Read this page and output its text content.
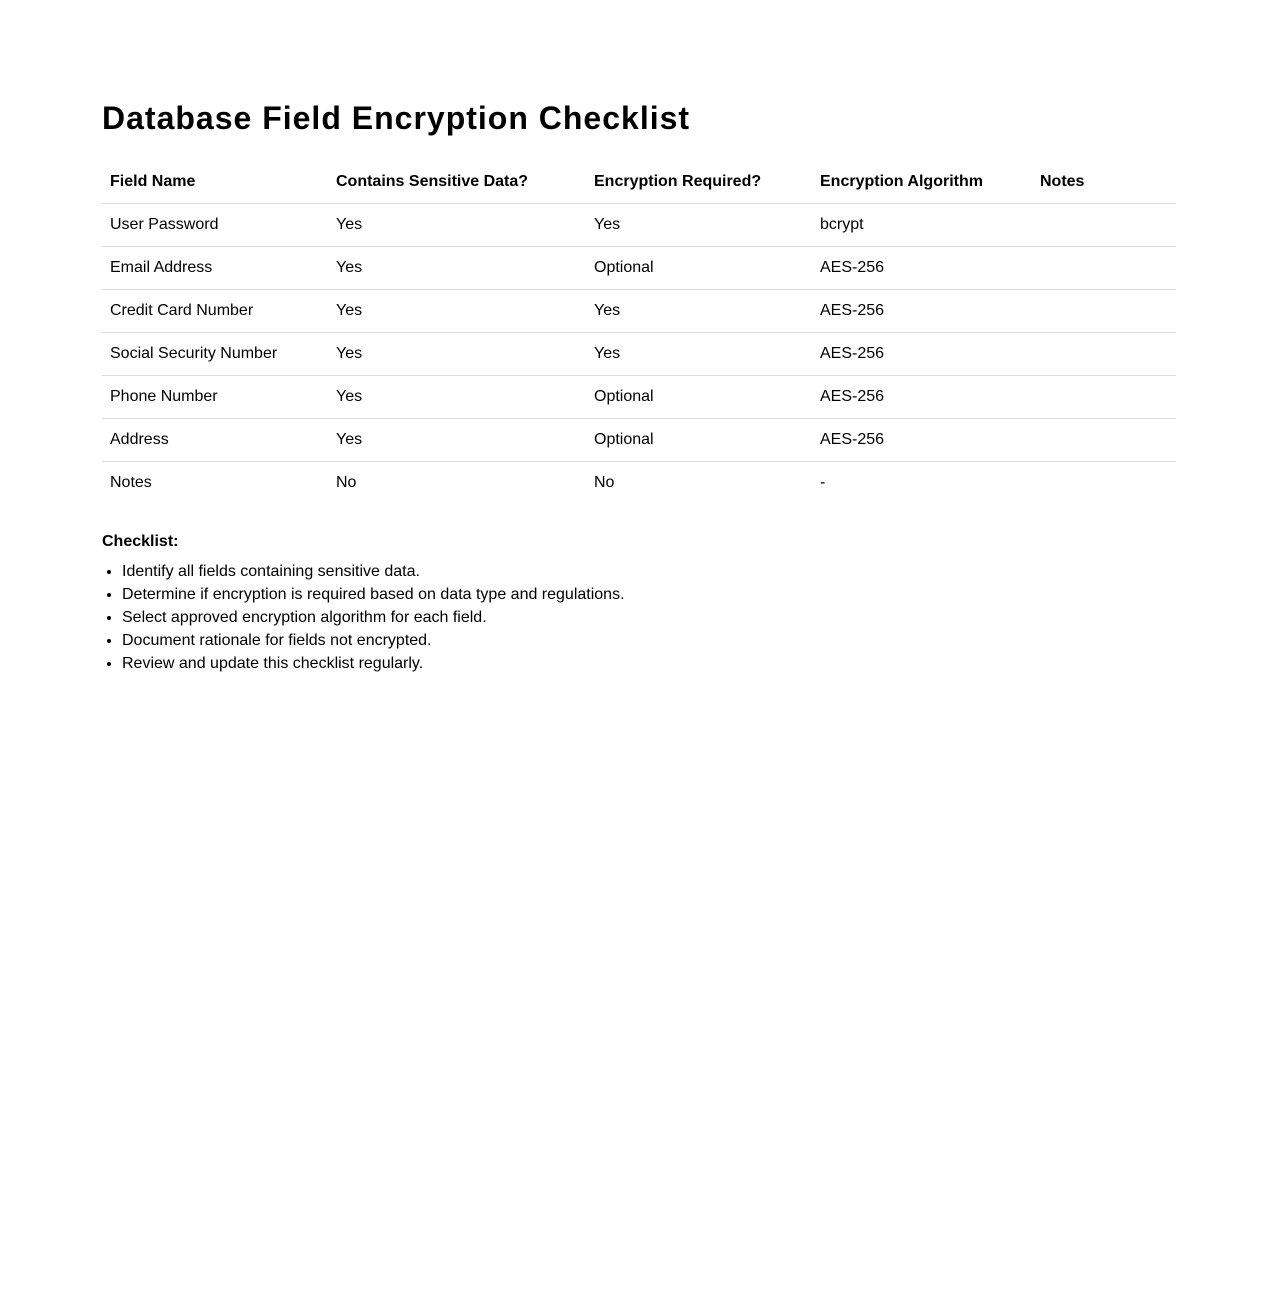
Database Field Encryption Checklist
Field Name	Contains Sensitive Data?	Encryption Required?	Encryption Algorithm	Notes
User Password	Yes	Yes	bcrypt	
Email Address	Yes	Optional	AES-256	
Credit Card Number	Yes	Yes	AES-256	
Social Security Number	Yes	Yes	AES-256	
Phone Number	Yes	Optional	AES-256	
Address	Yes	Optional	AES-256	
Notes	No	No	-	
Checklist:
• Identify all fields containing sensitive data.
• Determine if encryption is required based on data type and regulations.
• Select approved encryption algorithm for each field.
• Document rationale for fields not encrypted.
• Review and update this checklist regularly.
